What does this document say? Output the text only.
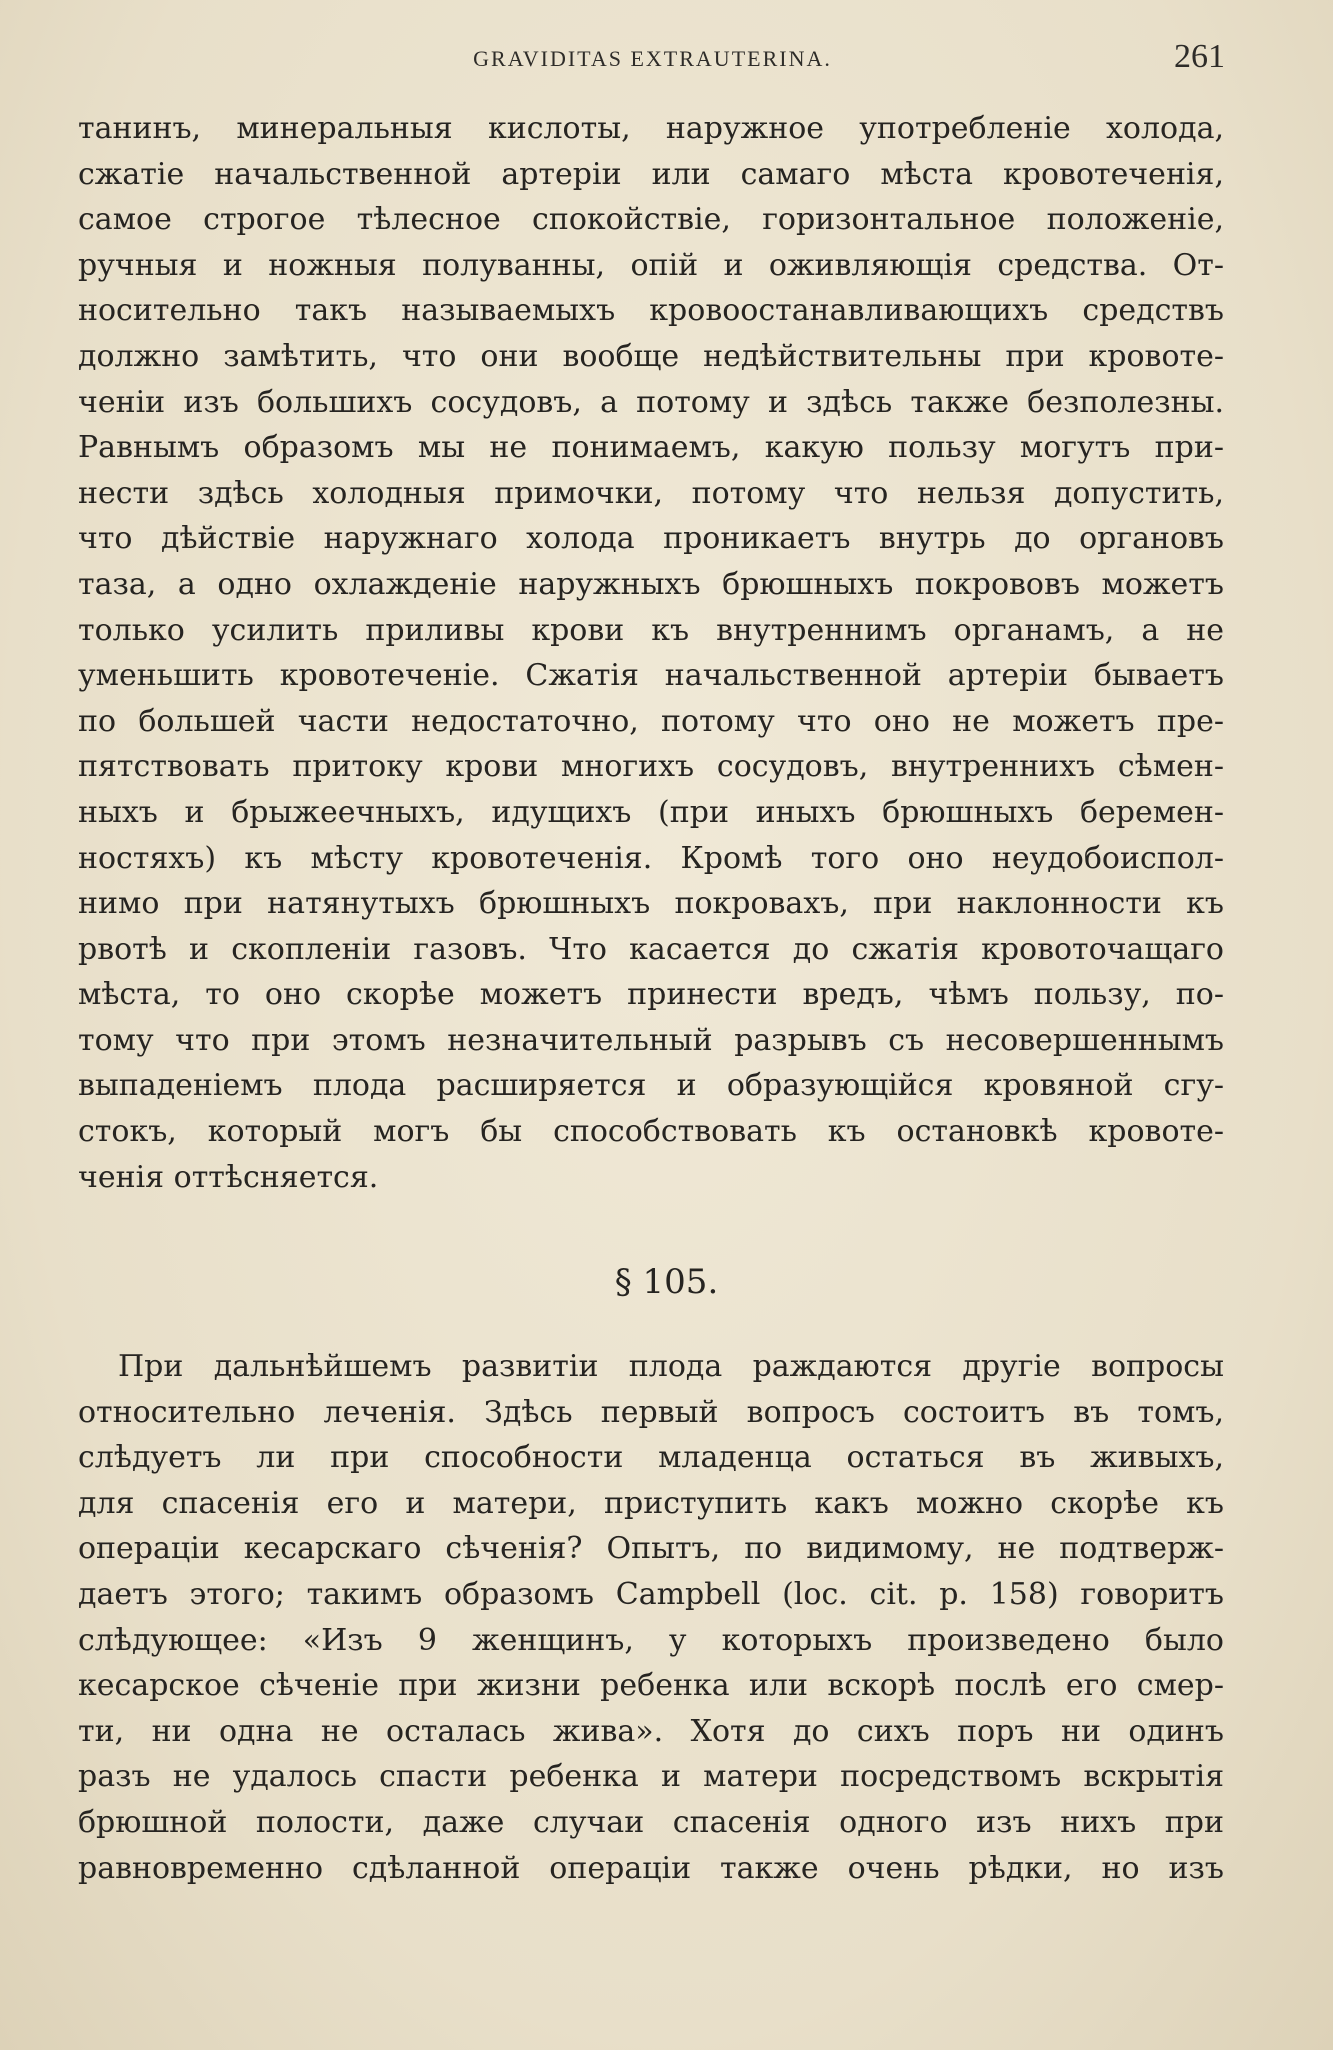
GRAVIDITAS EXTRAUTERINA.	261
танинъ, минеральныя кислоты, наружное употребленіе холода,
сжатіе начальственной артеріи или самаго мѣста кровотеченія,
самое строгое тѣлесное спокойствіе, горизонтальное положеніе,
ручныя и ножныя полуванны, опій и оживляющія средства. От-
носительно такъ называемыхъ кровоостанавливающихъ средствъ
должно замѣтить, что они вообще недѣйствительны при кровоте-
ченіи изъ большихъ сосудовъ, а потому и здѣсь также безполезны.
Равнымъ образомъ мы не понимаемъ, какую пользу могутъ при-
нести здѣсь холодныя примочки, потому что нельзя допустить,
что дѣйствіе наружнаго холода проникаетъ внутрь до органовъ
таза, а одно охлажденіе наружныхъ брюшныхъ покрововъ можетъ
только усилить приливы крови къ внутреннимъ органамъ, а не
уменьшить кровотеченіе. Сжатія начальственной артеріи бываетъ
по большей части недостаточно, потому что оно не можетъ пре-
пятствовать притоку крови многихъ сосудовъ, внутреннихъ сѣмен-
ныхъ и брыжеечныхъ, идущихъ (при иныхъ брюшныхъ беремен-
ностяхъ) къ мѣсту кровотеченія. Кромѣ того оно неудобоиспол-
нимо при натянутыхъ брюшныхъ покровахъ, при наклонности къ
рвотѣ и скопленіи газовъ. Что касается до сжатія кровоточащаго
мѣста, то оно скорѣе можетъ принести вредъ, чѣмъ пользу, по-
тому что при этомъ незначительный разрывъ съ несовершеннымъ
выпаденіемъ плода расширяется и образующійся кровяной сгу-
стокъ, который могъ бы способствовать къ остановкѣ кровоте-
ченія оттѣсняется.
§ 105.
При дальнѣйшемъ развитіи плода раждаются другіе вопросы
относительно леченія. Здѣсь первый вопросъ состоитъ въ томъ,
слѣдуетъ ли при способности младенца остаться въ живыхъ,
для спасенія его и матери, приступить какъ можно скорѣе къ
операціи кесарскаго сѣченія? Опытъ, по видимому, не подтверж-
даетъ этого; такимъ образомъ Campbell (loc. cit. p. 158) говоритъ
слѣдующее: «Изъ 9 женщинъ, у которыхъ произведено было
кесарское сѣченіе при жизни ребенка или вскорѣ послѣ его смер-
ти, ни одна не осталась жива». Хотя до сихъ поръ ни одинъ
разъ не удалось спасти ребенка и матери посредствомъ вскрытія
брюшной полости, даже случаи спасенія одного изъ нихъ при
равновременно сдѣланной операціи также очень рѣдки, но изъ
